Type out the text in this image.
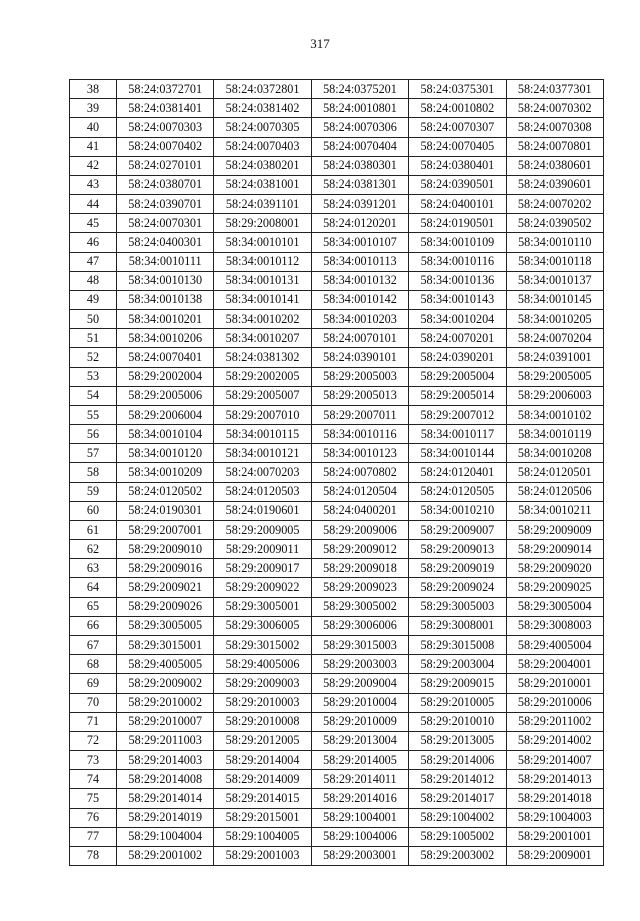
317
38	58:24:0372701	58:24:0372801	58:24:0375201	58:24:0375301	58:24:0377301
39	58:24:0381401	58:24:0381402	58:24:0010801	58:24:0010802	58:24:0070302
40	58:24:0070303	58:24:0070305	58:24:0070306	58:24:0070307	58:24:0070308
41	58:24:0070402	58:24:0070403	58:24:0070404	58:24:0070405	58:24:0070801
42	58:24:0270101	58:24:0380201	58:24:0380301	58:24:0380401	58:24:0380601
43	58:24:0380701	58:24:0381001	58:24:0381301	58:24:0390501	58:24:0390601
44	58:24:0390701	58:24:0391101	58:24:0391201	58:24:0400101	58:24:0070202
45	58:24:0070301	58:29:2008001	58:24:0120201	58:24:0190501	58:24:0390502
46	58:24:0400301	58:34:0010101	58:34:0010107	58:34:0010109	58:34:0010110
47	58:34:0010111	58:34:0010112	58:34:0010113	58:34:0010116	58:34:0010118
48	58:34:0010130	58:34:0010131	58:34:0010132	58:34:0010136	58:34:0010137
49	58:34:0010138	58:34:0010141	58:34:0010142	58:34:0010143	58:34:0010145
50	58:34:0010201	58:34:0010202	58:34:0010203	58:34:0010204	58:34:0010205
51	58:34:0010206	58:34:0010207	58:24:0070101	58:24:0070201	58:24:0070204
52	58:24:0070401	58:24:0381302	58:24:0390101	58:24:0390201	58:24:0391001
53	58:29:2002004	58:29:2002005	58:29:2005003	58:29:2005004	58:29:2005005
54	58:29:2005006	58:29:2005007	58:29:2005013	58:29:2005014	58:29:2006003
55	58:29:2006004	58:29:2007010	58:29:2007011	58:29:2007012	58:34:0010102
56	58:34:0010104	58:34:0010115	58:34:0010116	58:34:0010117	58:34:0010119
57	58:34:0010120	58:34:0010121	58:34:0010123	58:34:0010144	58:34:0010208
58	58:34:0010209	58:24:0070203	58:24:0070802	58:24:0120401	58:24:0120501
59	58:24:0120502	58:24:0120503	58:24:0120504	58:24:0120505	58:24:0120506
60	58:24:0190301	58:24:0190601	58:24:0400201	58:34:0010210	58:34:0010211
61	58:29:2007001	58:29:2009005	58:29:2009006	58:29:2009007	58:29:2009009
62	58:29:2009010	58:29:2009011	58:29:2009012	58:29:2009013	58:29:2009014
63	58:29:2009016	58:29:2009017	58:29:2009018	58:29:2009019	58:29:2009020
64	58:29:2009021	58:29:2009022	58:29:2009023	58:29:2009024	58:29:2009025
65	58:29:2009026	58:29:3005001	58:29:3005002	58:29:3005003	58:29:3005004
66	58:29:3005005	58:29:3006005	58:29:3006006	58:29:3008001	58:29:3008003
67	58:29:3015001	58:29:3015002	58:29:3015003	58:29:3015008	58:29:4005004
68	58:29:4005005	58:29:4005006	58:29:2003003	58:29:2003004	58:29:2004001
69	58:29:2009002	58:29:2009003	58:29:2009004	58:29:2009015	58:29:2010001
70	58:29:2010002	58:29:2010003	58:29:2010004	58:29:2010005	58:29:2010006
71	58:29:2010007	58:29:2010008	58:29:2010009	58:29:2010010	58:29:2011002
72	58:29:2011003	58:29:2012005	58:29:2013004	58:29:2013005	58:29:2014002
73	58:29:2014003	58:29:2014004	58:29:2014005	58:29:2014006	58:29:2014007
74	58:29:2014008	58:29:2014009	58:29:2014011	58:29:2014012	58:29:2014013
75	58:29:2014014	58:29:2014015	58:29:2014016	58:29:2014017	58:29:2014018
76	58:29:2014019	58:29:2015001	58:29:1004001	58:29:1004002	58:29:1004003
77	58:29:1004004	58:29:1004005	58:29:1004006	58:29:1005002	58:29:2001001
78	58:29:2001002	58:29:2001003	58:29:2003001	58:29:2003002	58:29:2009001
